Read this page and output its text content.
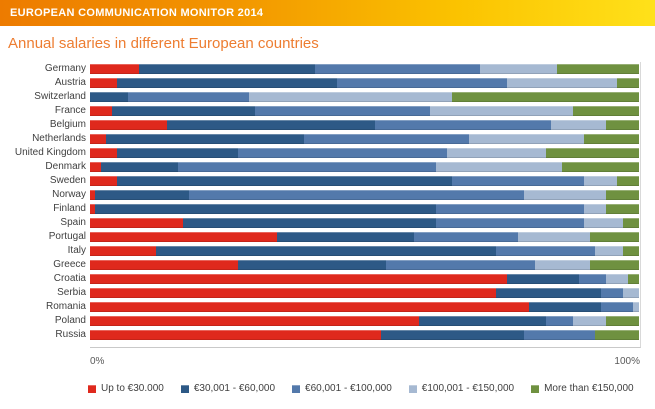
EUROPEAN COMMUNICATION MONITOR 2014
Annual salaries in different European countries
Germany
Austria
Switzerland
France
Belgium
Netherlands
United Kingdom
Denmark
Sweden
Norway
Finland
Spain
Portugal
Italy
Greece
Croatia
Serbia
Romania
Poland
Russia
0%	100%
Up to €30.000	€30,001 - €60,000	€60,001 - €100,000	€100,001 - €150,000	More than €150,000
